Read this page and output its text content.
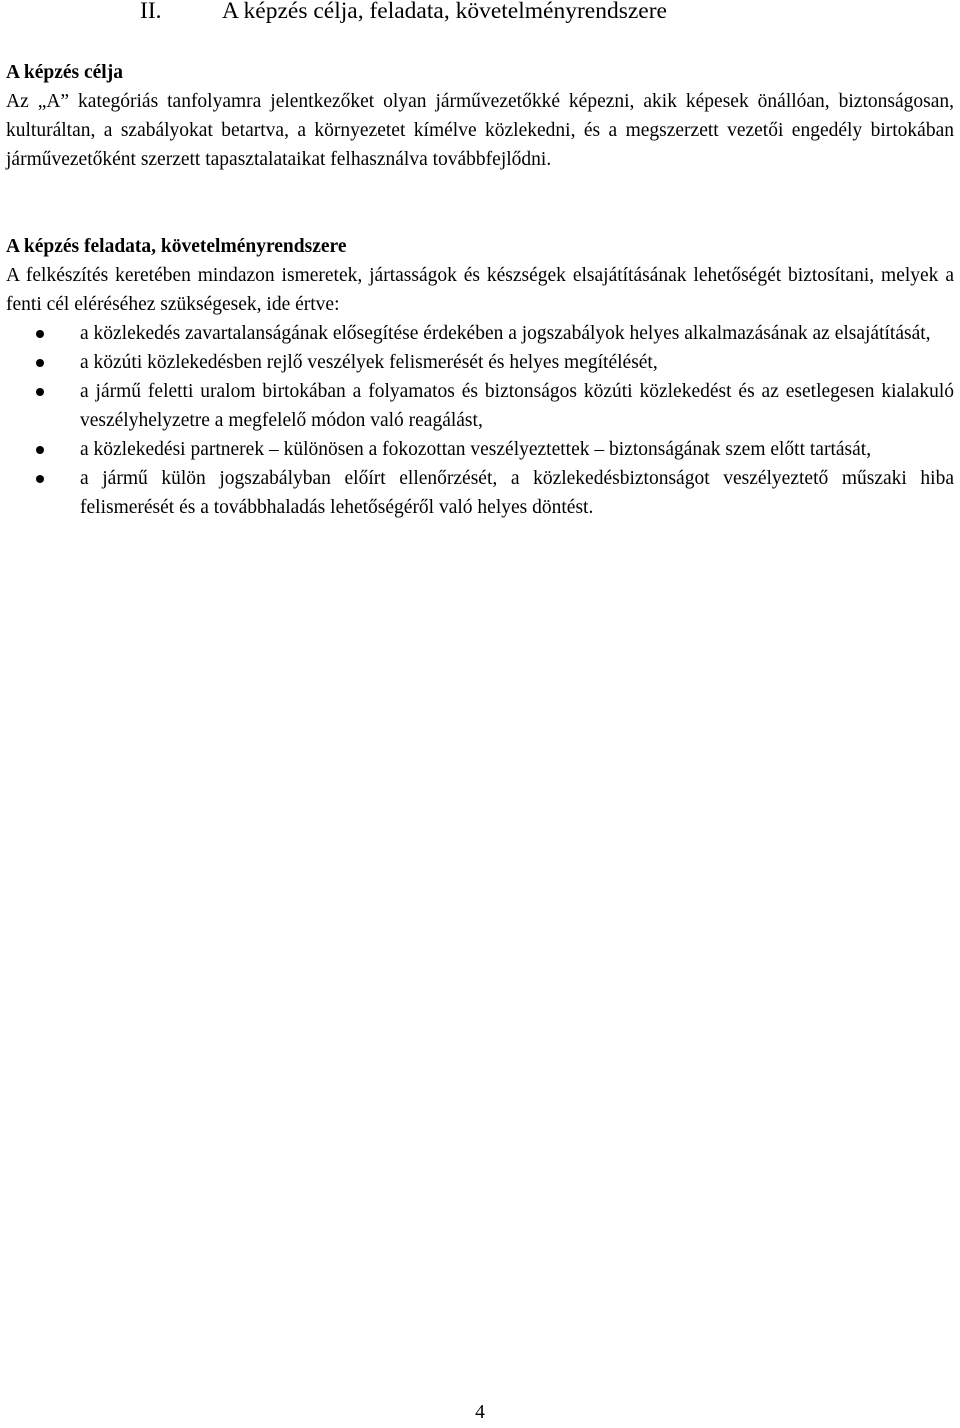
II.	A képzés célja, feladata, követelményrendszere
A képzés célja

Az „A” kategóriás tanfolyamra jelentkezőket olyan járművezetőkké képezni, akik képesek önállóan, biztonságosan, kulturáltan, a szabályokat betartva, a környezetet kímélve közlekedni, és a megszerzett vezetői engedély birtokában járművezetőként szerzett tapasztalataikat felhasználva továbbfejlődni.

A képzés feladata, követelményrendszere

A felkészítés keretében mindazon ismeretek, jártasságok és készségek elsajátításának lehetőségét biztosítani, melyek a fenti cél eléréséhez szükségesek, ide értve:

a közlekedés zavartalanságának elősegítése érdekében a jogszabályok helyes alkalmazásának az elsajátítását,
a közúti közlekedésben rejlő veszélyek felismerését és helyes megítélését,
a jármű feletti uralom birtokában a folyamatos és biztonságos közúti közlekedést és az esetlegesen kialakuló veszélyhelyzetre a megfelelő módon való reagálást,
a közlekedési partnerek – különösen a fokozottan veszélyeztettek – biztonságának szem előtt tartását,
a jármű külön jogszabályban előírt ellenőrzését, a közlekedésbiztonságot veszélyeztető műszaki hiba felismerését és a továbbhaladás lehetőségéről való helyes döntést.
4
